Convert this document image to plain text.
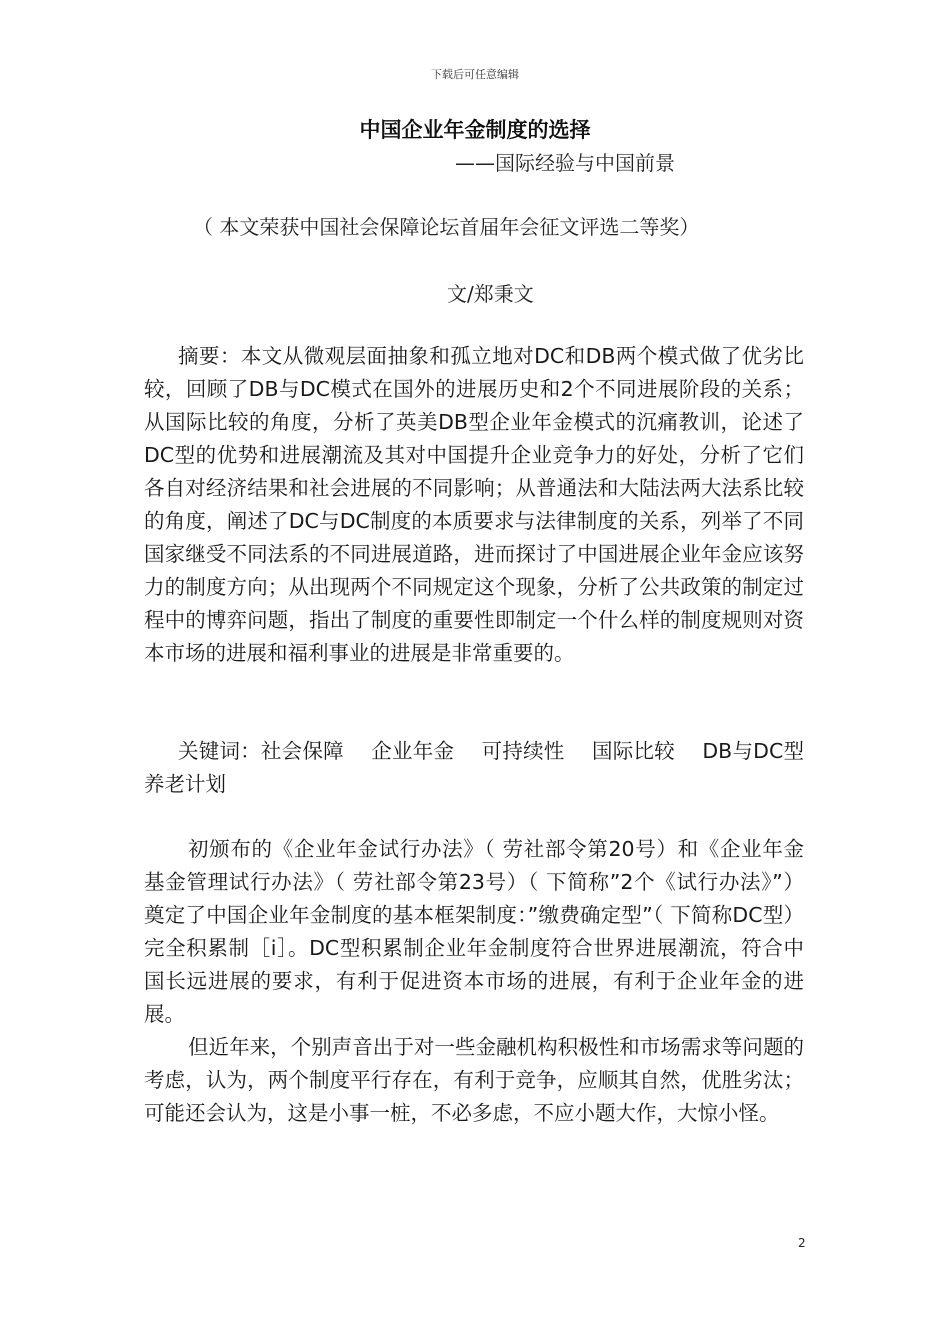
下载后可任意编辑
中国企业年金制度的选择
——国际经验与中国前景
（ 本文荣获中国社会保障论坛首届年会征文评选二等奖）
文/郑秉文
摘要：本文从微观层面抽象和孤立地对DC和DB两个模式做了优劣比较，回顾了DB与DC模式在国外的进展历史和2个不同进展阶段的关系；从国际比较的角度，分析了英美DB型企业年金模式的沉痛教训，论述了DC型的优势和进展潮流及其对中国提升企业竞争力的好处，分析了它们各自对经济结果和社会进展的不同影响；从普通法和大陆法两大法系比较的角度，阐述了DC与DC制度的本质要求与法律制度的关系，列举了不同国家继受不同法系的不同进展道路，进而探讨了中国进展企业年金应该努力的制度方向；从出现两个不同规定这个现象，分析了公共政策的制定过程中的博弈问题，指出了制度的重要性即制定一个什么样的制度规则对资本市场的进展和福利事业的进展是非常重要的。
关键词：社会保障　 企业年金　 可持续性　 国际比较　 DB与DC型养老计划
初颁布的《企业年金试行办法》（ 劳社部令第20号）和《企业年金基金管理试行办法》（ 劳社部令第23号）（ 下简称”2个《试行办法》”） 奠定了中国企业年金制度的基本框架制度：”缴费确定型”（ 下简称DC型）完全积累制［i］。DC型积累制企业年金制度符合世界进展潮流，符合中国长远进展的要求，有利于促进资本市场的进展，有利于企业年金的进展。
但近年来，个别声音出于对一些金融机构积极性和市场需求等问题的考虑，认为，两个制度平行存在，有利于竞争，应顺其自然，优胜劣汰；可能还会认为，这是小事一桩，不必多虑，不应小题大作，大惊小怪。
2
